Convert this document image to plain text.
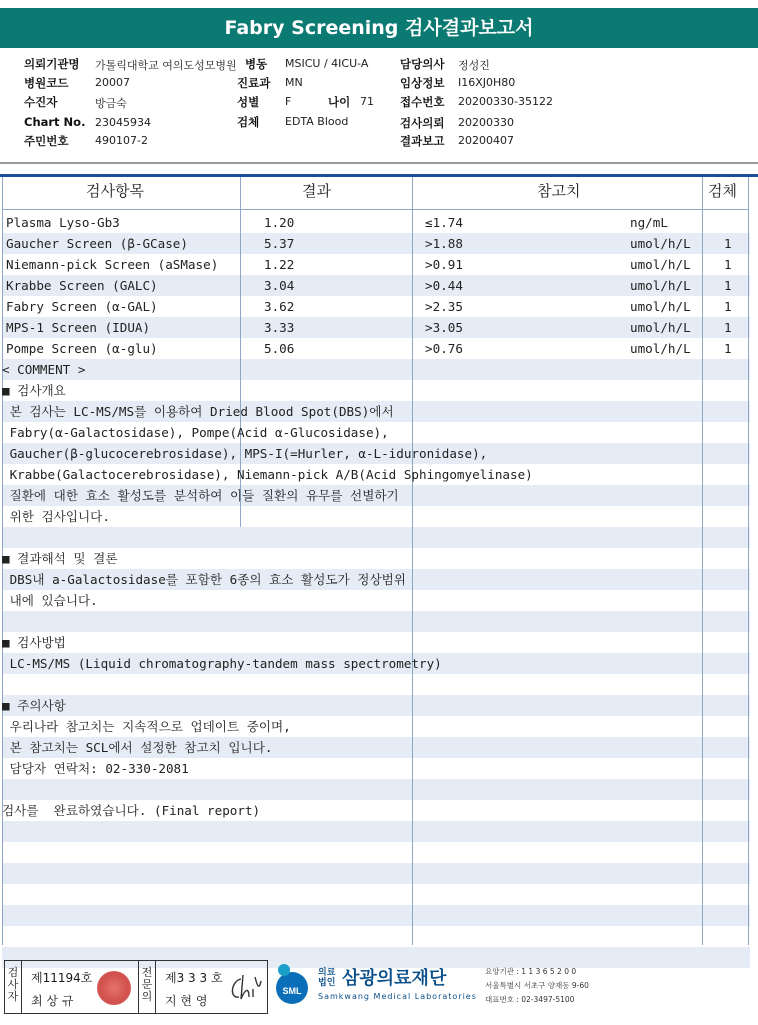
Fabry Screening 검사결과보고서
의뢰기관명 가톨릭대학교 여의도성모병원 병동 MSICU / 4ICU-A	담당의사 정성진
병원코드 20007	진료과 MN	임상정보 I16XJ0H80
수진자	방금숙	성별 F	나이 71 접수번호 20200330-35122
Chart No. 23045934	검체 EDTA Blood	검사의뢰 20200330
주민번호 490107-2	결과보고 20200407
검사항목	결과	참고치	검체
Plasma Lyso-Gb3	1.20	≤1.74	ng/mL
Gaucher Screen (β-GCase)	5.37	>1.88	umol/h/L	1
Niemann-pick Screen (aSMase)	1.22	>0.91	umol/h/L	1
Krabbe Screen (GALC)	3.04	>0.44	umol/h/L	1
Fabry Screen (α-GAL)	3.62	>2.35	umol/h/L	1
MPS-1 Screen (IDUA)	3.33	>3.05	umol/h/L	1
Pompe Screen (α-glu)	5.06	>0.76	umol/h/L	1
< COMMENT >
■ 검사개요
본 검사는 LC-MS/MS를 이용하여 Dried Blood Spot(DBS)에서
Fabry(α-Galactosidase), Pompe(Acid α-Glucosidase),
Gaucher(β-glucocerebrosidase), MPS-I(=Hurler, α-L-iduronidase),
Krabbe(Galactocerebrosidase), Niemann-pick A/B(Acid Sphingomyelinase)
질환에 대한 효소 활성도를 분석하여 이들 질환의 유무를 선별하기
위한 검사입니다.
■ 결과해석 및 결론
DBS내 a-Galactosidase를 포함한 6종의 효소 활성도가 정상범위
내에 있습니다.
■ 검사방법
LC-MS/MS (Liquid chromatography-tandem mass spectrometry)
■ 주의사항
우리나라 참고치는 지속적으로 업데이트 중이며,
본 참고치는 SCL에서 설정한 참고치 입니다.
담당자 연락처: 02-330-2081
검사를  완료하였습니다. (Final report)
검사자
제11194호
최 상 규
전문의
제3 3 3 호
지 현 영
SML
의료법인 삼광의료재단
Samkwang Medical Laboratories
요양기관 : 1 1 3 6 5 2 0 0
서울특별시 서초구 양재동 9-60
대표번호 : 02-3497-5100
